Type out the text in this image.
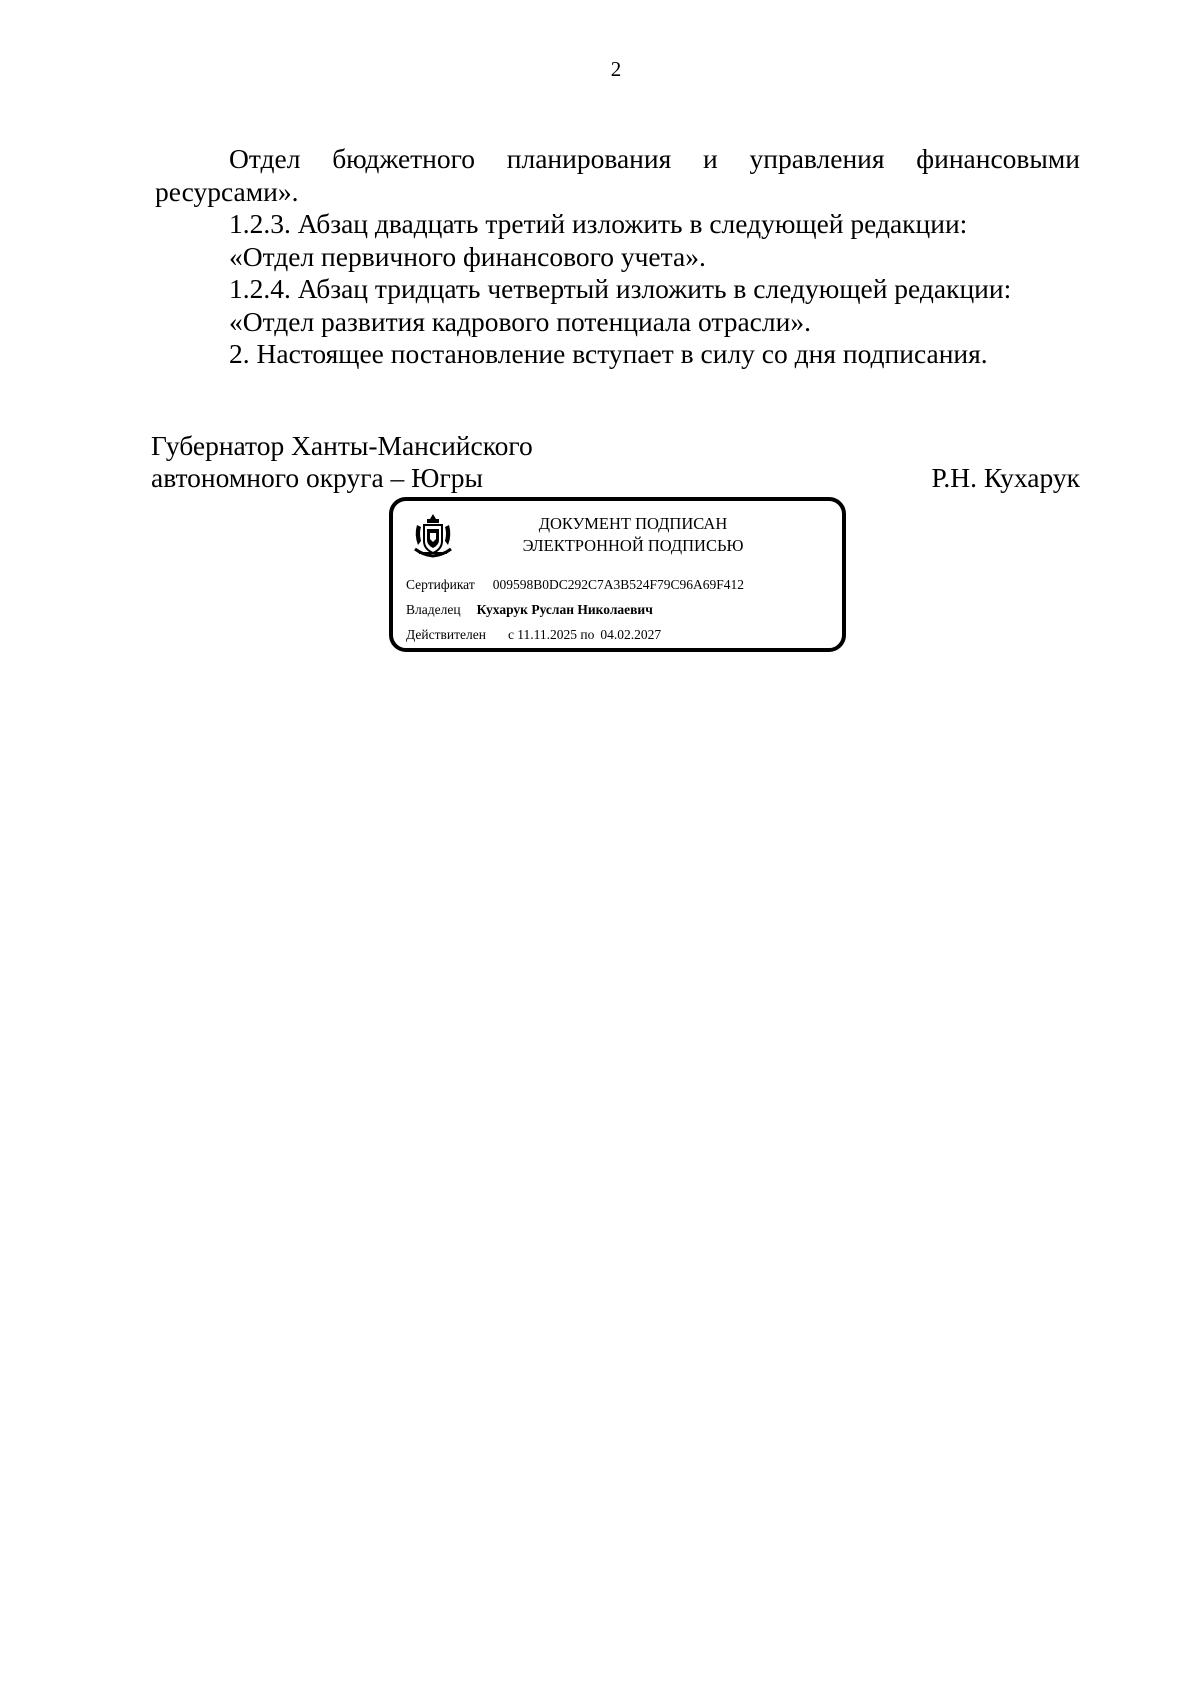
2

Отдел бюджетного планирования и управления финансовыми ресурсами».

1.2.3. Абзац двадцать третий изложить в следующей редакции:

«Отдел первичного финансового учета».

1.2.4. Абзац тридцать четвертый изложить в следующей редакции:

«Отдел развития кадрового потенциала отрасли».

2. Настоящее постановление вступает в силу со дня подписания.

Губернатор Ханты-Мансийского
автономного округа – Югры	Р.Н. Кухарук
ДОКУМЕНТ ПОДПИСАН
ЭЛЕКТРОННОЙ ПОДПИСЬЮ
Сертификат 009598B0DC292C7A3B524F79C96A69F412
Владелец Кухарук Руслан Николаевич
Действителен с 11.11.2025 по 04.02.2027
